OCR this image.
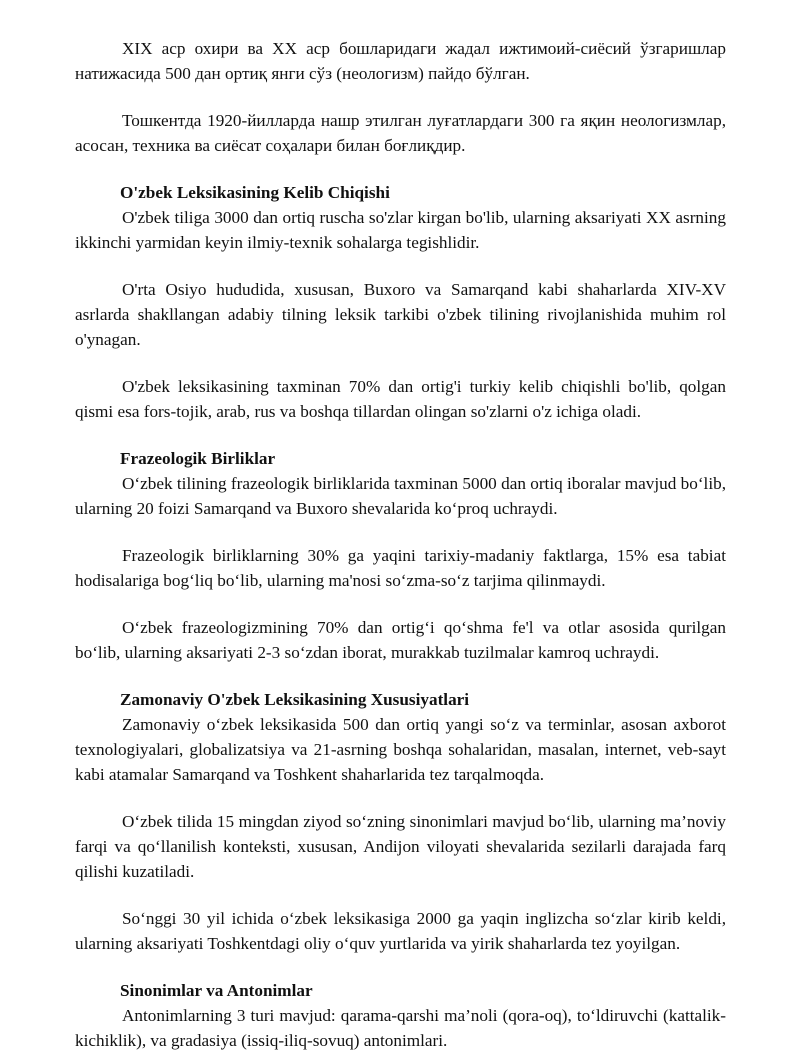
XIX аср охири ва XX аср бошларидаги жадал ижтимоий-сиёсий ўзгаришлар натижасида 500 дан ортиқ янги сўз (неологизм) пайдо бўлган.

Тошкентда 1920-йилларда нашр этилган луғатлардаги 300 га яқин неологизмлар, асосан, техника ва сиёсат соҳалари билан боғлиқдир.

O'zbek Leksikasining Kelib Chiqishi

O'zbek tiliga 3000 dan ortiq ruscha so'zlar kirgan bo'lib, ularning aksariyati XX asrning ikkinchi yarmidan keyin ilmiy-texnik sohalarga tegishlidir.

O'rta Osiyo hududida, xususan, Buxoro va Samarqand kabi shaharlarda XIV-XV asrlarda shakllangan adabiy tilning leksik tarkibi o'zbek tilining rivojlanishida muhim rol o'ynagan.

O'zbek leksikasining taxminan 70% dan ortig'i turkiy kelib chiqishli bo'lib, qolgan qismi esa fors-tojik, arab, rus va boshqa tillardan olingan so'zlarni o'z ichiga oladi.

Frazeologik Birliklar

O‘zbek tilining frazeologik birliklarida taxminan 5000 dan ortiq iboralar mavjud bo‘lib, ularning 20 foizi Samarqand va Buxoro shevalarida ko‘proq uchraydi.

Frazeologik birliklarning 30% ga yaqini tarixiy-madaniy faktlarga, 15% esa tabiat hodisalariga bog‘liq bo‘lib, ularning ma'nosi so‘zma-so‘z tarjima qilinmaydi.

O‘zbek frazeologizmining 70% dan ortig‘i qo‘shma fe'l va otlar asosida qurilgan bo‘lib, ularning aksariyati 2-3 so‘zdan iborat, murakkab tuzilmalar kamroq uchraydi.

Zamonaviy O'zbek Leksikasining Xususiyatlari

Zamonaviy o‘zbek leksikasida 500 dan ortiq yangi so‘z va terminlar, asosan axborot texnologiyalari, globalizatsiya va 21-asrning boshqa sohalaridan, masalan, internet, veb-sayt kabi atamalar Samarqand va Toshkent shaharlarida tez tarqalmoqda.

O‘zbek tilida 15 mingdan ziyod so‘zning sinonimlari mavjud bo‘lib, ularning ma’noviy farqi va qo‘llanilish konteksti, xususan, Andijon viloyati shevalarida sezilarli darajada farq qilishi kuzatiladi.

So‘nggi 30 yil ichida o‘zbek leksikasiga 2000 ga yaqin inglizcha so‘zlar kirib keldi, ularning aksariyati Toshkentdagi oliy o‘quv yurtlarida va yirik shaharlarda tez yoyilgan.

Sinonimlar va Antonimlar

Antonimlarning 3 turi mavjud: qarama-qarshi ma’noli (qora-oq), to‘ldiruvchi (kattalik-kichiklik), va gradasiya (issiq-iliq-sovuq) antonimlari.
